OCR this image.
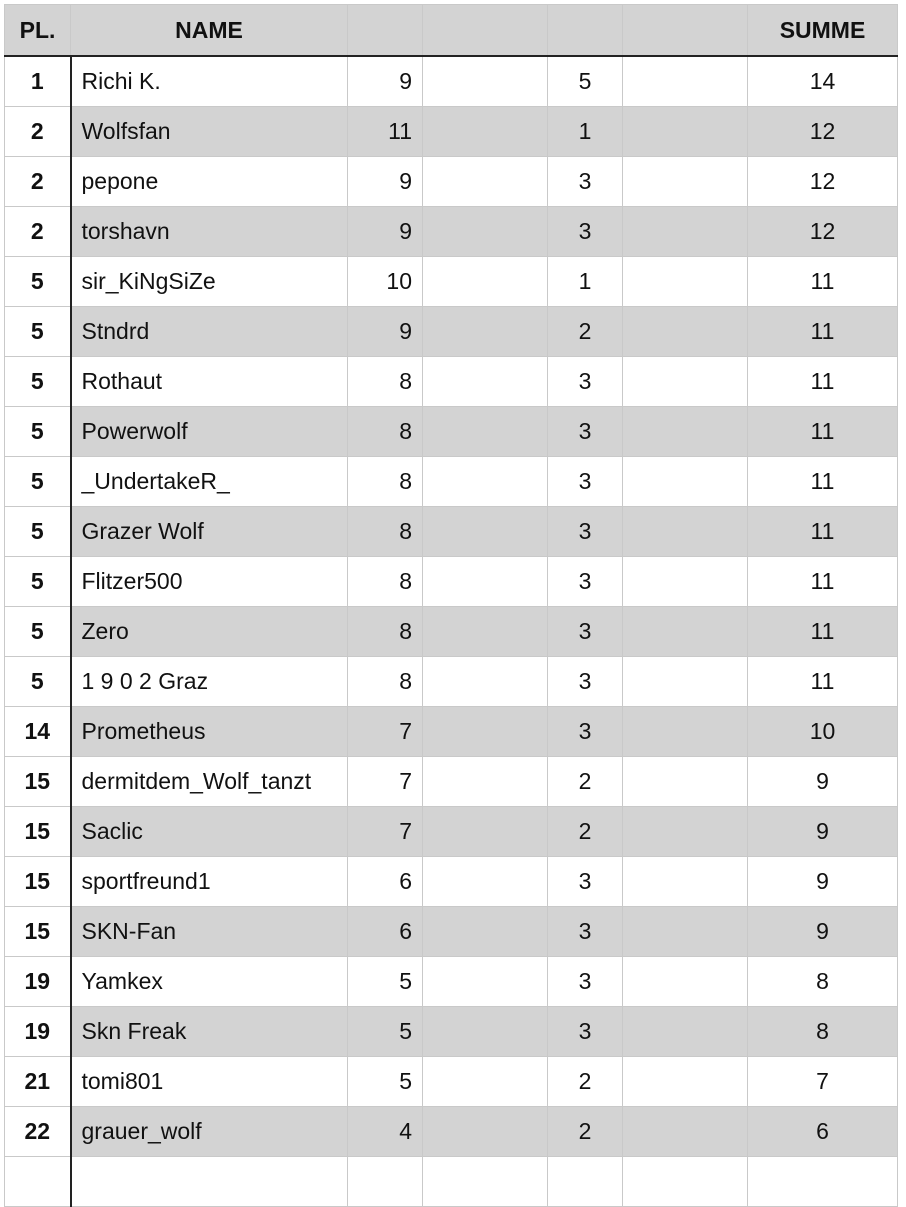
PL.	NAME					SUMME
1	Richi K.	9		5		14
2	Wolfsfan	11		1		12
2	pepone	9		3		12
2	torshavn	9		3		12
5	sir_KiNgSiZe	10		1		11
5	Stndrd	9		2		11
5	Rothaut	8		3		11
5	Powerwolf	8		3		11
5	_UndertakeR_	8		3		11
5	Grazer Wolf	8		3		11
5	Flitzer500	8		3		11
5	Zero	8		3		11
5	1 9 0 2 Graz	8		3		11
14	Prometheus	7		3		10
15	dermitdem_Wolf_tanzt	7		2		9
15	Saclic	7		2		9
15	sportfreund1	6		3		9
15	SKN-Fan	6		3		9
19	Yamkex	5		3		8
19	Skn Freak	5		3		8
21	tomi801	5		2		7
22	grauer_wolf	4		2		6
